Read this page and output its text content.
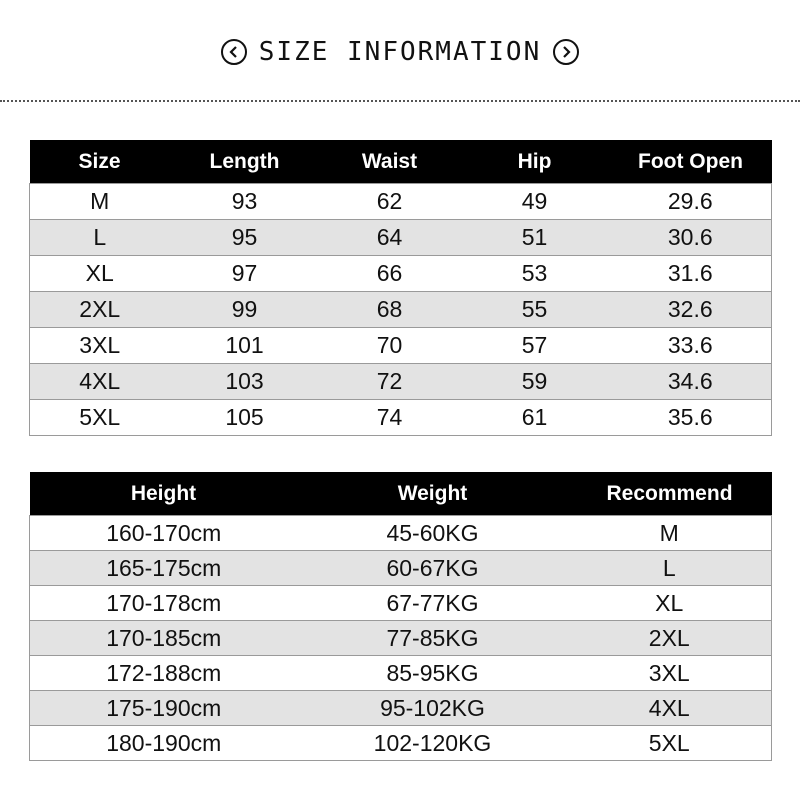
SIZE INFORMATION
Size	Length	Waist	Hip	Foot Open
M	93	62	49	29.6
L	95	64	51	30.6
XL	97	66	53	31.6
2XL	99	68	55	32.6
3XL	101	70	57	33.6
4XL	103	72	59	34.6
5XL	105	74	61	35.6
Height	Weight	Recommend
160-170cm	45-60KG	M
165-175cm	60-67KG	L
170-178cm	67-77KG	XL
170-185cm	77-85KG	2XL
172-188cm	85-95KG	3XL
175-190cm	95-102KG	4XL
180-190cm	102-120KG	5XL
